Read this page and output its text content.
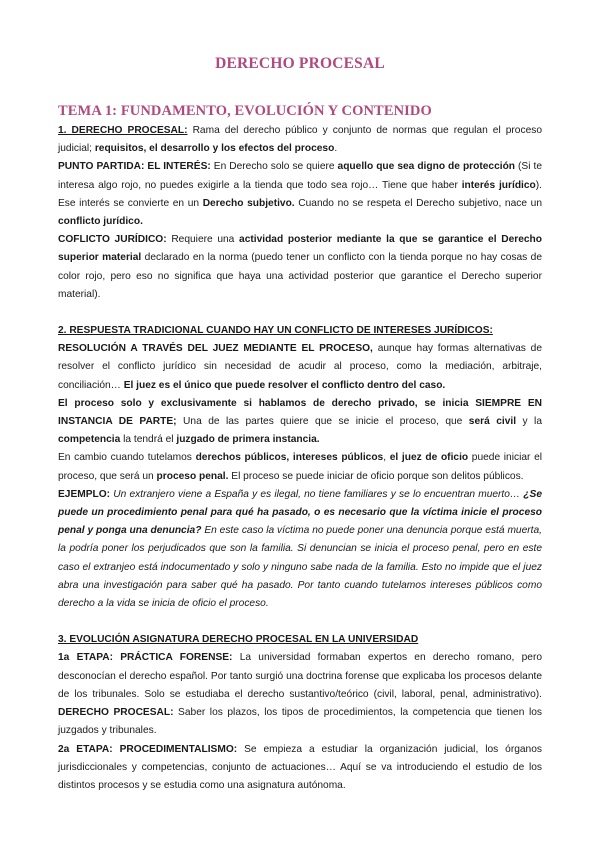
DERECHO PROCESAL
TEMA 1: FUNDAMENTO, EVOLUCIÓN Y CONTENIDO

1. DERECHO PROCESAL: Rama del derecho público y conjunto de normas que regulan el proceso judicial; requisitos, el desarrollo y los efectos del proceso.

PUNTO PARTIDA: EL INTERÉS: En Derecho solo se quiere aquello que sea digno de protección (Si te interesa algo rojo, no puedes exigirle a la tienda que todo sea rojo… Tiene que haber interés jurídico). Ese interés se convierte en un Derecho subjetivo. Cuando no se respeta el Derecho subjetivo, nace un conflicto jurídico.

COFLICTO JURÍDICO: Requiere una actividad posterior mediante la que se garantice el Derecho superior material declarado en la norma (puedo tener un conflicto con la tienda porque no hay cosas de color rojo, pero eso no significa que haya una actividad posterior que garantice el Derecho superior material).

2. RESPUESTA TRADICIONAL CUANDO HAY UN CONFLICTO DE INTERESES JURÍDICOS:
RESOLUCIÓN A TRAVÉS DEL JUEZ MEDIANTE EL PROCESO, aunque hay formas alternativas de resolver el conflicto jurídico sin necesidad de acudir al proceso, como la mediación, arbitraje, conciliación… El juez es el único que puede resolver el conflicto dentro del caso.

El proceso solo y exclusivamente si hablamos de derecho privado, se inicia SIEMPRE EN INSTANCIA DE PARTE; Una de las partes quiere que se inicie el proceso, que será civil y la competencia la tendrá el juzgado de primera instancia.

En cambio cuando tutelamos derechos públicos, intereses públicos, el juez de oficio puede iniciar el proceso, que será un proceso penal. El proceso se puede iniciar de oficio porque son delitos públicos.

EJEMPLO: Un extranjero viene a España y es ilegal, no tiene familiares y se lo encuentran muerto… ¿Se puede un procedimiento penal para qué ha pasado, o es necesario que la víctima inicie el proceso penal y ponga una denuncia? En este caso la víctima no puede poner una denuncia porque está muerta, la podría poner los perjudicados que son la familia. Si denuncian se inicia el proceso penal, pero en este caso el extranjeo está indocumentado y solo y ninguno sabe nada de la familia. Esto no impide que el juez abra una investigación para saber qué ha pasado. Por tanto cuando tutelamos intereses públicos como derecho a la vida se inicia de oficio el proceso.

3. EVOLUCIÓN ASIGNATURA DERECHO PROCESAL EN LA UNIVERSIDAD

1a ETAPA: PRÁCTICA FORENSE: La universidad formaban expertos en derecho romano, pero desconocían el derecho español. Por tanto surgió una doctrina forense que explicaba los procesos delante de los tribunales. Solo se estudiaba el derecho sustantivo/teórico (civil, laboral, penal, administrativo). DERECHO PROCESAL: Saber los plazos, los tipos de procedimientos, la competencia que tienen los juzgados y tribunales.

2a ETAPA: PROCEDIMENTALISMO: Se empieza a estudiar la organización judicial, los órganos jurisdiccionales y competencias, conjunto de actuaciones… Aquí se va introduciendo el estudio de los distintos procesos y se estudia como una asignatura autónoma.
